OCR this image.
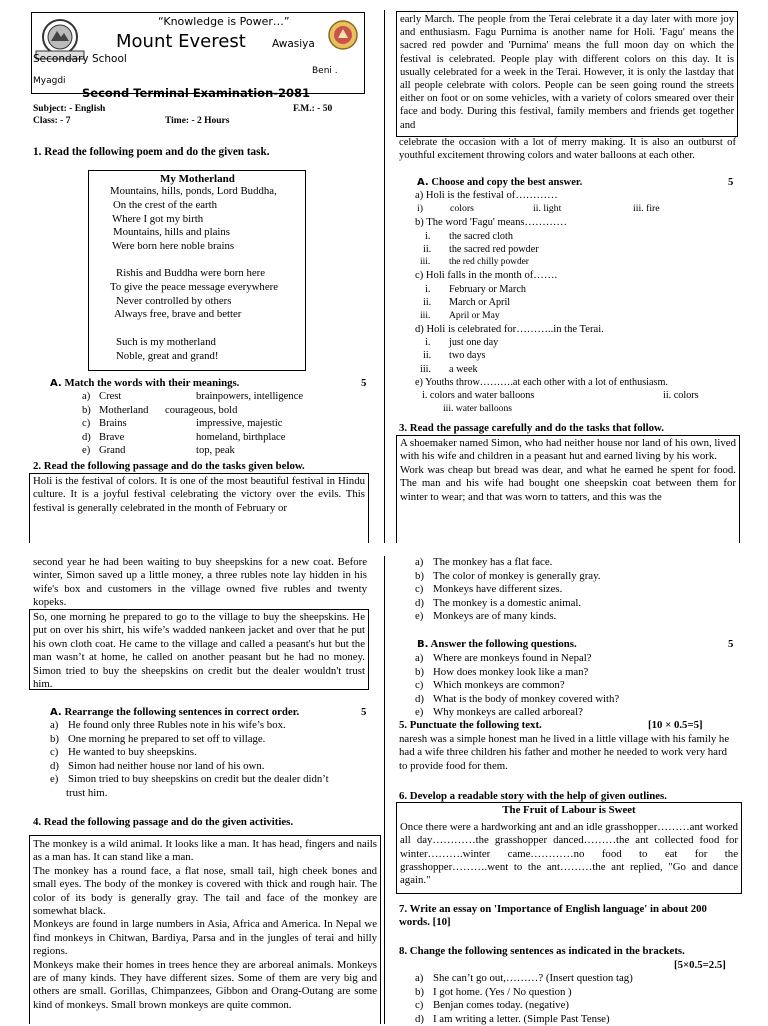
“Knowledge is Power…”
Mount Everest Awasiya
Secondary School
Beni .
Myagdi
Second Terminal Examination-2081
Subject: - English	F.M.: - 50
Class: - 7	Time: - 2 Hours
1. Read the following poem and do the given task.
My Motherland
Mountains, hills, ponds, Lord Buddha,
On the crest of the earth
Where I got my birth
Mountains, hills and plains
Were born here noble brains
Rishis and Buddha were born here
To give the peace message everywhere
Never controlled by others
Always free, brave and better
Such is my motherland
Noble, great and grand!
A. Match the words with their meanings.	5
a) Crest	brainpowers, intelligence
b) Motherland courageous, bold
c) Brains	impressive, majestic
d) Brave	homeland, birthplace
e) Grand	top, peak
2. Read the following passage and do the tasks given below.
Holi is the festival of colors. It is one of the most beautiful festival in Hindu culture. It is a joyful festival celebrating the victory over the evils. This festival is generally celebrated in the month of February or
early March. The people from the Terai celebrate it a day later with more joy and enthusiasm. Fagu Purnima is another name for Holi. 'Fagu' means the sacred red powder and 'Purnima' means the full moon day on which the festival is celebrated. People play with different colors on this day. It is usually celebrated for a week in the Terai. However, it is only the lastday that all people celebrate with colors. People can be seen going round the streets either on foot or on some vehicles, with a variety of colors smeared over their face and body. During this festival, family members and friends get together and
celebrate the occasion with a lot of merry making. It is also an outburst of youthful excitement throwing colors and water balloons at each other.
A. Choose and copy the best answer.	5
a) Holi is the festival of…………
i)	colors	ii. light	iii. fire
b) The word 'Fagu' means…………
i. the sacred cloth
ii. the sacred red powder
iii. the red chilly powder
c) Holi falls in the month of…….
i. February or March
ii. March or April
iii. April or May
d) Holi is celebrated for………..in the Terai.
i. just one day
ii. two days
iii. a week
e) Youths throw……….at each other with a lot of enthusiasm.
i. colors and water balloons	ii. colors
iii. water balloons
3. Read the passage carefully and do the tasks that follow.

A shoemaker named Simon, who had neither house nor land of his own, lived with his wife and children in a peasant hut and earned living by his work.

Work was cheap but bread was dear, and what he earned he spent for food. The man and his wife had bought one sheepskin coat between them for winter to wear; and that was worn to tatters, and this was the

second year he had been waiting to buy sheepskins for a new coat. Before winter, Simon saved up a little money, a three rubles note lay hidden in his wife's box and customers in the village owned five rubles and twenty kopeks.
So, one morning he prepared to go to the village to buy the sheepskins. He put on over his shirt, his wife’s wadded nankeen jacket and over that he put his own cloth coat. He came to the village and called a peasant's hut but the man wasn’t at home, he called on another peasant but he had no money. Simon tried to buy the sheepskins on credit but the dealer wouldn't trust him.
A. Rearrange the following sentences in correct order.	5
a) He found only three Rubles note in his wife’s box.
b) One morning he prepared to set off to village.
c) He wanted to buy sheepskins.
d) Simon had neither house nor land of his own.
e) Simon tried to buy sheepskins on credit but the dealer didn’t
trust him.
4. Read the following passage and do the given activities.

The monkey is a wild animal. It looks like a man. It has head, fingers and nails as a man has. It can stand like a man.

The monkey has a round face, a flat nose, small tail, high cheek bones and small eyes. The body of the monkey is covered with thick and rough hair. The color of its body is generally gray. The tail and face of the monkey are somewhat black.

Monkeys are found in large numbers in Asia, Africa and America. In Nepal we find monkeys in Chitwan, Bardiya, Parsa and in the jungles of terai and hilly regions.

Monkeys make their homes in trees hence they are arboreal animals. Monkeys are of many kinds. They have different sizes. Some of them are very big and others are small. Gorillas, Chimpanzees, Gibbon and Orang-Outang are some kind of monkeys. Small brown monkeys are quite common.

a) The monkey has a flat face.
b) The color of monkey is generally gray.
c) Monkeys have different sizes.
d) The monkey is a domestic animal.
e) Monkeys are of many kinds.
B. Answer the following questions.	5
a) Where are monkeys found in Nepal?
b) How does monkey look like a man?
c) Which monkeys are common?
d) What is the body of monkey covered with?
e) Why monkeys are called arboreal?
5. Punctuate the following text.	[10 × 0.5=5]
naresh was a simple honest man he lived in a little village with his family he had a wife three children his father and mother he needed to work very hard to provide food for them.
6. Develop a readable story with the help of given outlines.
The Fruit of Labour is Sweet
Once there were a hardworking ant and an idle grasshopper………ant worked all day…………the grasshopper danced………the ant collected food for winter……….winter came…………no food to eat for the grasshopper……….went to the ant………the ant replied, "Go and dance again."
7. Write an essay on 'Importance of English language' in about 200 words. [10]
8. Change the following sentences as indicated in the brackets.
[5×0.5=2.5]
a) She can’t go out,………? (Insert question tag)
b) I got home. (Yes / No question )
c) Benjan comes today. (negative)
d) I am writing a letter. (Simple Past Tense)
